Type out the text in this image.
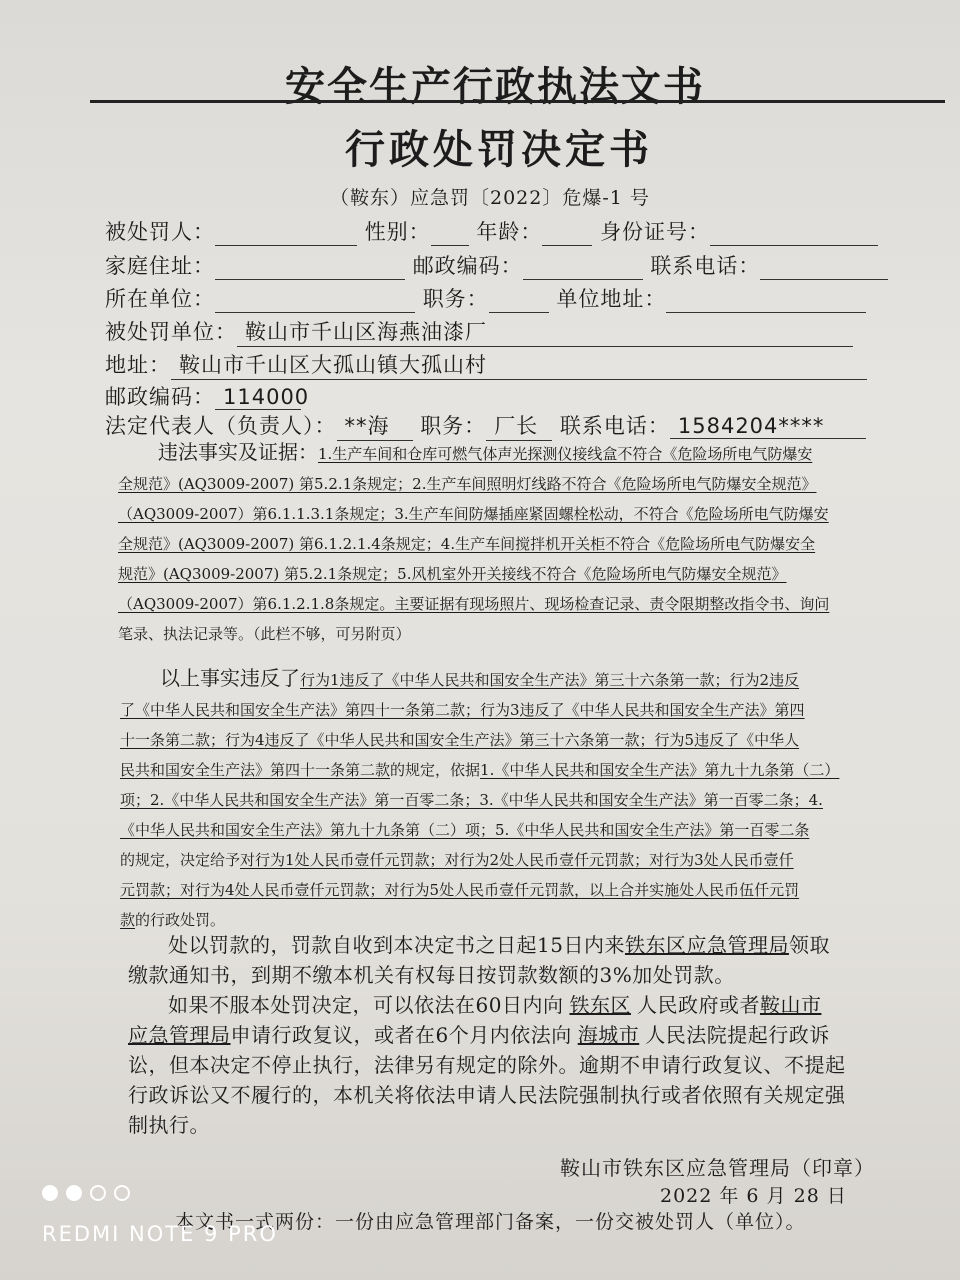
安全生产行政执法文书
行政处罚决定书
（鞍东）应急罚〔2022〕危爆-1 号
被处罚人：	性别： 年龄：	身份证号：
家庭住址：	邮政编码：	联系电话：
所在单位：	职务：	单位地址：
被处罚单位： 鞍山市千山区海燕油漆厂
地址： 鞍山市千山区大孤山镇大孤山村
邮政编码： 114000
法定代表人（负责人）： **海 职务： 厂长 联系电话： 1584204****
违法事实及证据：1.生产车间和仓库可燃气体声光探测仪接线盒不符合《危险场所电气防爆安
全规范》(AQ3009-2007) 第5.2.1条规定；2.生产车间照明灯线路不符合《危险场所电气防爆安全规范》
（AQ3009-2007）第6.1.1.3.1条规定；3.生产车间防爆插座紧固螺栓松动，不符合《危险场所电气防爆安
全规范》(AQ3009-2007) 第6.1.2.1.4条规定；4.生产车间搅拌机开关柜不符合《危险场所电气防爆安全
规范》(AQ3009-2007) 第5.2.1条规定；5.风机室外开关接线不符合《危险场所电气防爆安全规范》
（AQ3009-2007）第6.1.2.1.8条规定。主要证据有现场照片、现场检查记录、责令限期整改指令书、询问
笔录、执法记录等。（此栏不够，可另附页）
以上事实违反了行为1违反了《中华人民共和国安全生产法》第三十六条第一款；行为2违反
了《中华人民共和国安全生产法》第四十一条第二款；行为3违反了《中华人民共和国安全生产法》第四
十一条第二款；行为4违反了《中华人民共和国安全生产法》第三十六条第一款；行为5违反了《中华人
民共和国安全生产法》第四十一条第二款的规定，依据1.《中华人民共和国安全生产法》第九十九条第（二）
项；2.《中华人民共和国安全生产法》第一百零二条；3.《中华人民共和国安全生产法》第一百零二条；4.
《中华人民共和国安全生产法》第九十九条第（二）项；5.《中华人民共和国安全生产法》第一百零二条
的规定，决定给予对行为1处人民币壹仟元罚款；对行为2处人民币壹仟元罚款；对行为3处人民币壹仟
元罚款；对行为4处人民币壹仟元罚款；对行为5处人民币壹仟元罚款，以上合并实施处人民币伍仟元罚
款的行政处罚。
处以罚款的，罚款自收到本决定书之日起15日内来铁东区应急管理局领取
缴款通知书，到期不缴本机关有权每日按罚款数额的3%加处罚款。
如果不服本处罚决定，可以依法在60日内向 铁东区 人民政府或者鞍山市
应急管理局申请行政复议，或者在6个月内依法向 海城市 人民法院提起行政诉
讼，但本决定不停止执行，法律另有规定的除外。逾期不申请行政复议、不提起
行政诉讼又不履行的，本机关将依法申请人民法院强制执行或者依照有关规定强
制执行。
鞍山市铁东区应急管理局（印章）
2022 年 6 月 28 日
本文书一式两份：一份由应急管理部门备案，一份交被处罚人（单位）。
REDMI NOTE 9 PRO
